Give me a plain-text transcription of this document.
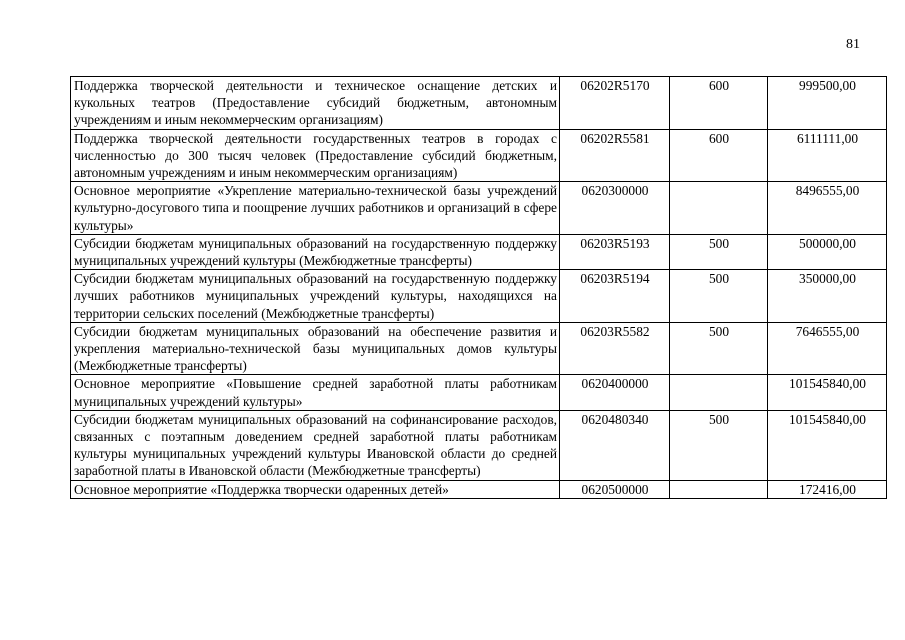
81
Поддержка творческой деятельности и техническое оснащение детских и кукольных театров (Предоставление субсидий бюджетным, автономным учреждениям и иным некоммерческим организациям)	06202R5170	600	999500,00
Поддержка творческой деятельности государственных театров в городах с численностью до 300 тысяч человек (Предоставление субсидий бюджетным, автономным учреждениям и иным некоммерческим организациям)	06202R5581	600	6111111,00
Основное мероприятие «Укрепление материально-технической базы учреждений культурно-досугового типа и поощрение лучших работников и организаций в сфере культуры»	0620300000		8496555,00
Субсидии бюджетам муниципальных образований на государственную поддержку муниципальных учреждений культуры (Межбюджетные трансферты)	06203R5193	500	500000,00
Субсидии бюджетам муниципальных образований на государственную поддержку лучших работников муниципальных учреждений культуры, находящихся на территории сельских поселений (Межбюджетные трансферты)	06203R5194	500	350000,00
Субсидии бюджетам муниципальных образований на обеспечение развития и укрепления материально-технической базы муниципальных домов культуры (Межбюджетные трансферты)	06203R5582	500	7646555,00
Основное мероприятие «Повышение средней заработной платы работникам муниципальных учреждений культуры»	0620400000		101545840,00
Субсидии бюджетам муниципальных образований на софинансирование расходов, связанных с поэтапным доведением средней заработной платы работникам культуры муниципальных учреждений культуры Ивановской области до средней заработной платы в Ивановской области (Межбюджетные трансферты)	0620480340	500	101545840,00
Основное мероприятие «Поддержка творчески одаренных детей»	0620500000		172416,00
